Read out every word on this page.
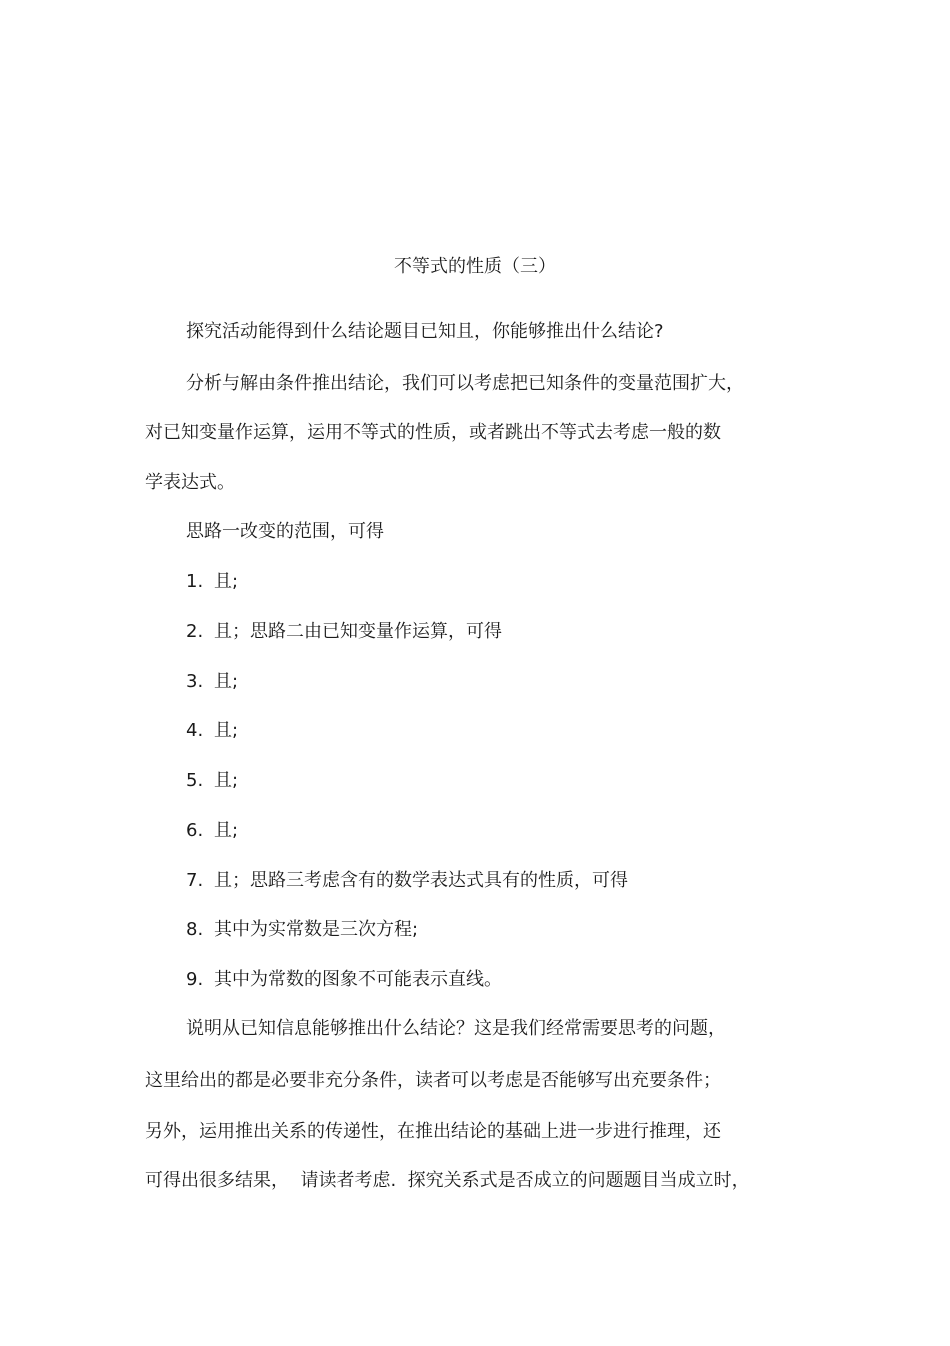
不等式的性质（三）
探究活动能得到什么结论题目已知且，你能够推出什么结论?
分析与解由条件推出结论，我们可以考虑把已知条件的变量范围扩大，
对已知变量作运算，运用不等式的性质，或者跳出不等式去考虑一般的数
学表达式。
思路一改变的范围，可得
1. 且;
2. 且；思路二由已知变量作运算，可得
3. 且;
4. 且;
5. 且;
6. 且;
7. 且；思路三考虑含有的数学表达式具有的性质，可得
8. 其中为实常数是三次方程;
9. 其中为常数的图象不可能表示直线。
说明从已知信息能够推出什么结论？这是我们经常需要思考的问题，
这里给出的都是必要非充分条件，读者可以考虑是否能够写出充要条件；
另外，运用推出关系的传递性，在推出结论的基础上进一步进行推理，还
可得出很多结果，  请读者考虑.  探究关系式是否成立的问题题目当成立时，
